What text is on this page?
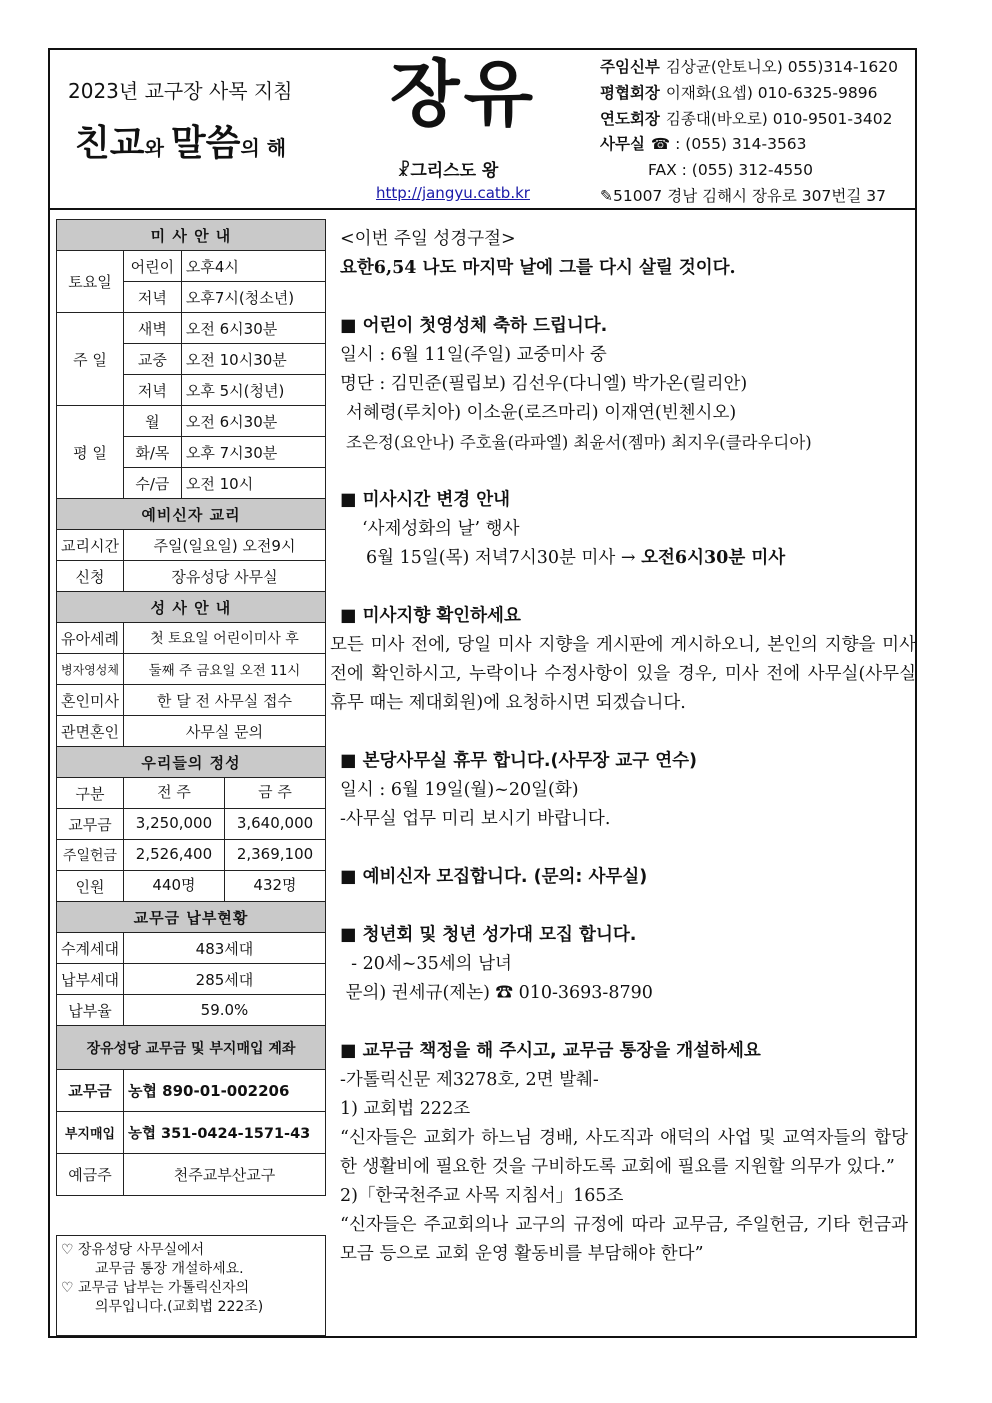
2023년 교구장 사목 지침
친교와 말씀의 해
장유
☧그리스도 왕
http://jangyu.catb.kr
주임신부 김상균(안토니오) 055)314-1620
평협회장 이재화(요셉) 010-6325-9896
연도회장 김종대(바오로) 010-9501-3402
사무실 ☎ : (055) 314-3563
FAX : (055) 312-4550
✎51007 경남 김해시 장유로 307번길 37
미 사 안 내		
토요일	어린이	오후4시
	저녁	오후7시(청소년)
주 일	새벽	오전 6시30분
	교중	오전 10시30분
	저녁	오후 5시(청년)
평 일	월	오전 6시30분
	화/목	오후 7시30분
	수/금	오전 10시
예비신자 교리		
교리시간	주일(일요일) 오전9시	
신청	장유성당 사무실	
성 사 안 내		
유아세례	첫 토요일 어린이미사 후	
병자영성체	둘째 주 금요일 오전 11시	
혼인미사	한 달 전 사무실 접수	
관면혼인	사무실 문의	
우리들의 정성		
구분	전 주 금 주	

교무금	3,250,000 3,640,000	

주일헌금	2,526,400 2,369,100	

인원	440명 432명	

교무금 납부현황		
수계세대	483세대	
납부세대	285세대	
납부율	59.0%	
장유성당 교무금 및 부지매입 계좌		
교무금	농협 890-01-002206	
부지매입	농협 351-0424-1571-43	
예금주	천주교부산교구	
♡ 장유성당 사무실에서
교무금 통장 개설하세요.
♡ 교무금 납부는 가톨릭신자의
의무입니다.(교회법 222조)

<이번 주일 성경구절>

요한6,54 나도 마지막 날에 그를 다시 살릴 것이다.

■ 어린이 첫영성체 축하 드립니다.

일시 : 6월 11일(주일) 교중미사 중

명단 : 김민준(필립보) 김선우(다니엘) 박가온(릴리안)

서혜령(루치아) 이소윤(로즈마리) 이재연(빈첸시오)

조은정(요안나) 주호율(라파엘) 최윤서(젬마) 최지우(클라우디아)

■ 미사시간 변경 안내

‘사제성화의 날’ 행사

6월 15일(목) 저녁7시30분 미사 → 오전6시30분 미사

■ 미사지향 확인하세요

모든 미사 전에, 당일 미사 지향을 게시판에 게시하오니, 본인의 지향을 미사 전에 확인하시고, 누락이나 수정사항이 있을 경우, 미사 전에 사무실(사무실 휴무 때는 제대회원)에 요청하시면 되겠습니다.

■ 본당사무실 휴무 합니다.(사무장 교구 연수)

일시 : 6월 19일(월)~20일(화)

-사무실 업무 미리 보시기 바랍니다.

■ 예비신자 모집합니다. (문의: 사무실)

■ 청년회 및 청년 성가대 모집 합니다.

- 20세~35세의 남녀

문의) 권세규(제논) ☎ 010-3693-8790

■ 교무금 책정을 해 주시고, 교무금 통장을 개설하세요

-가톨릭신문 제3278호, 2면 발췌-

1) 교회법 222조

“신자들은 교회가 하느님 경배, 사도직과 애덕의 사업 및 교역자들의 합당한 생활비에 필요한 것을 구비하도록 교회에 필요를 지원할 의무가 있다.”

2)「한국천주교 사목 지침서」165조

“신자들은 주교회의나 교구의 규정에 따라 교무금, 주일헌금, 기타 헌금과 모금 등으로 교회 운영 활동비를 부담해야 한다”
